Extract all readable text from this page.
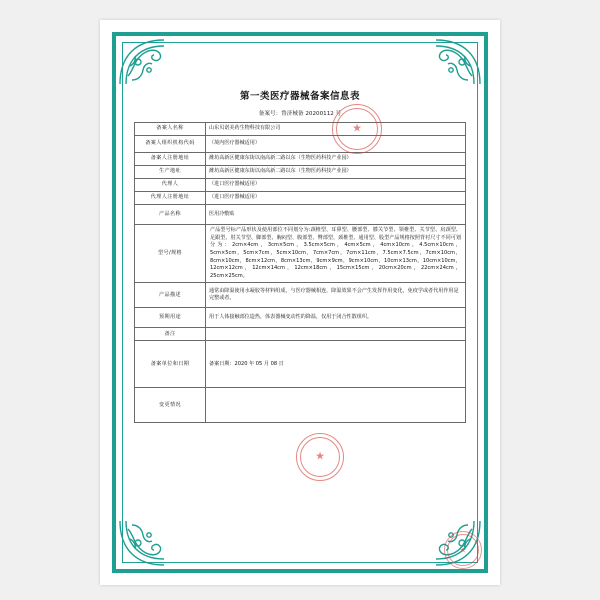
第一类医疗器械备案信息表
备案号：鲁济械备 20200112 号
备案人名称	山东贝诺美药生物科技有限公司
备案人组织机构代码	（境内医疗器械适用）
备案人注册地址	潍坊高新区健康东街以南高新二路以东（生物医药科技产业园）
生产地址	潍坊高新区健康东街以南高新二路以东（生物医药科技产业园）
代理人	（进口医疗器械适用）
代理人注册地址	（进口医疗器械适用）
产品名称	医用冷敷贴
型号/规格	产品型号标产品形状及使用部位不同划分为:颈椎型、耳鼻型、腰部型、膝关节型、领椎型、关节型、肩颈型、足跟型、肘关节型、脚部型、胸闷型、腹部型、臀部型、颈椎型、通用型、股型产品规格按照背衬尺寸不同可划分为：2cm×4cm，3cm×5cm，3.5cm×5cm，4cm×5cm，4cm×10cm，4.5cm×10cm，5cm×5cm，5cm×7cm，5cm×10cm，7cm×7cm，7cm×11cm，7.5cm×7.5cm，7cm×10cm，8cm×10cm，8cm×12cm，8cm×13cm，9cm×9cm，9cm×10cm，10cm×13cm，10cm×10cm，12cm×12cm，12cm×14cm，12cm×18cm，15cm×15cm，20cm×20cm，22cm×24cm，25cm×25cm。
产品描述	通常由降温使用水凝胶等材料组成，与医疗器械相连，降温效果不会产生发挥作用变化，免疫学或者代用作用是完整或者。
预期用途	用于人体接触部位造热，体表器械变动性的降温，仅用于闭合性散组织。
备注	
备案单位和日期	备案日期：2020 年 05 月 08 日
变更情况	
★
★
★
